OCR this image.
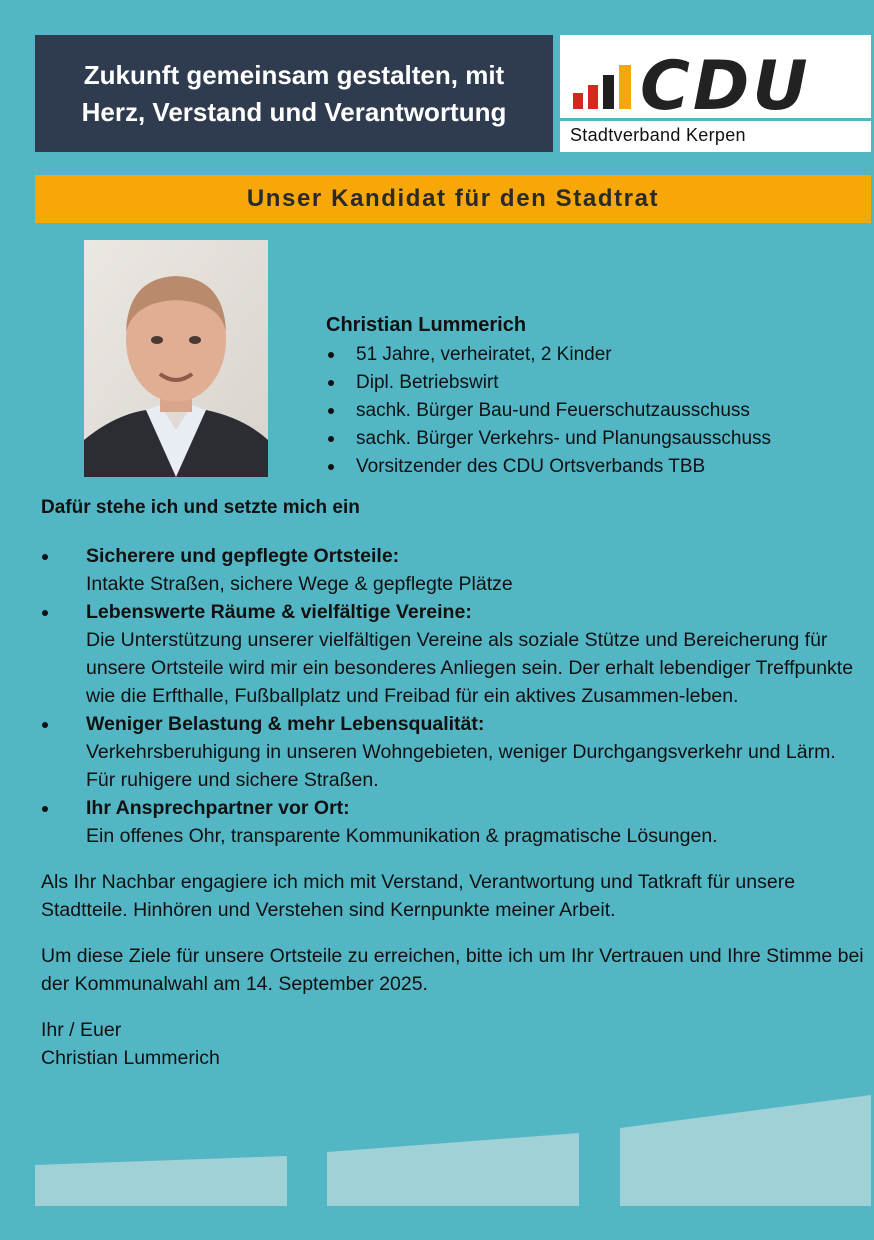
Zukunft gemeinsam gestalten, mit
Herz, Verstand und Verantwortung CDU
Stadtverband Kerpen
Unser Kandidat für den Stadtrat
Christian Lummerich
51 Jahre, verheiratet, 2 Kinder
Dipl. Betriebswirt
sachk. Bürger Bau-und Feuerschutzausschuss
sachk. Bürger Verkehrs- und Planungsausschuss
Vorsitzender des CDU Ortsverbands TBB
Dafür stehe ich und setzte mich ein
Sicherere und gepflegte Ortsteile:
Intakte Straßen, sichere Wege & gepflegte Plätze
Lebenswerte Räume & vielfältige Vereine:
Die Unterstützung unserer vielfältigen Vereine als soziale Stütze und Bereicherung für unsere Ortsteile wird mir ein besonderes Anliegen sein. Der erhalt lebendiger Treffpunkte wie die Erfthalle, Fußballplatz und Freibad für ein aktives Zusammen-leben.
Weniger Belastung & mehr Lebensqualität:
Verkehrsberuhigung in unseren Wohngebieten, weniger Durchgangsverkehr und Lärm. Für ruhigere und sichere Straßen.
Ihr Ansprechpartner vor Ort:
Ein offenes Ohr, transparente Kommunikation & pragmatische Lösungen.
Als Ihr Nachbar engagiere ich mich mit Verstand, Verantwortung und Tatkraft für unsere Stadtteile. Hinhören und Verstehen sind Kernpunkte meiner Arbeit.
Um diese Ziele für unsere Ortsteile zu erreichen, bitte ich um Ihr Vertrauen und Ihre Stimme bei der Kommunalwahl am 14. September 2025.
Ihr / Euer
Christian Lummerich
